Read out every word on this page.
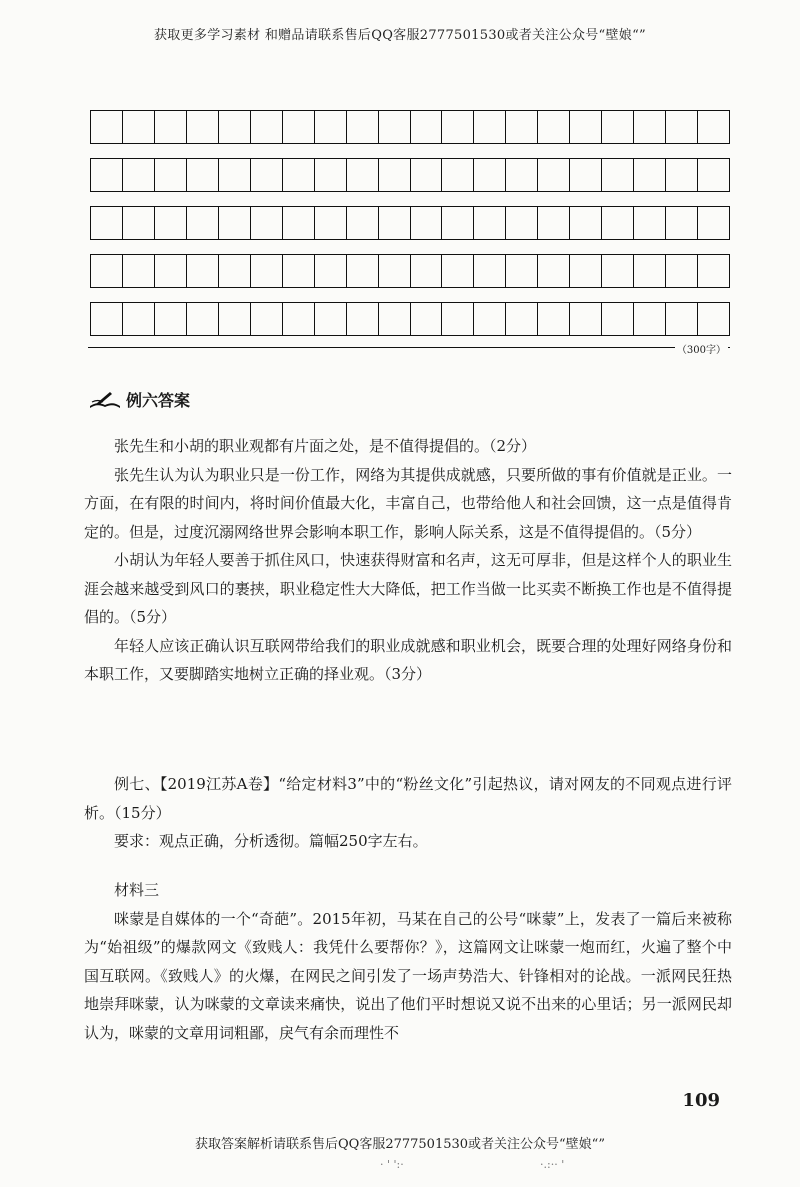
获取更多学习素材 和赠品请联系售后QQ客服2777501530或者关注公众号“壁娘“”
（300字）
例六答案

张先生和小胡的职业观都有片面之处，是不值得提倡的。（2分）

张先生认为认为职业只是一份工作，网络为其提供成就感，只要所做的事有价值就是正业。一方面，在有限的时间内，将时间价值最大化，丰富自己，也带给他人和社会回馈，这一点是值得肯定的。但是，过度沉溺网络世界会影响本职工作，影响人际关系，这是不值得提倡的。（5分）

小胡认为年轻人要善于抓住风口，快速获得财富和名声，这无可厚非，但是这样个人的职业生涯会越来越受到风口的裹挟，职业稳定性大大降低，把工作当做一比买卖不断换工作也是不值得提倡的。（5分）

年轻人应该正确认识互联网带给我们的职业成就感和职业机会，既要合理的处理好网络身份和本职工作，又要脚踏实地树立正确的择业观。（3分）

例七、【2019江苏A卷】“给定材料3”中的“粉丝文化”引起热议，请对网友的不同观点进行评析。（15分）

要求：观点正确，分析透彻。篇幅250字左右。

材料三

咪蒙是自媒体的一个“奇葩”。2015年初，马某在自己的公号“咪蒙”上，发表了一篇后来被称为“始祖级”的爆款网文《致贱人：我凭什么要帮你？》，这篇网文让咪蒙一炮而红，火遍了整个中国互联网。《致贱人》的火爆，在网民之间引发了一场声势浩大、针锋相对的论战。一派网民狂热地崇拜咪蒙，认为咪蒙的文章读来痛快，说出了他们平时想说又说不出来的心里话；另一派网民却认为，咪蒙的文章用词粗鄙，戾气有余而理性不

109
获取答案解析请联系售后QQ客服2777501530或者关注公众号“壁娘“”
· ' ':·	·.:·· '
